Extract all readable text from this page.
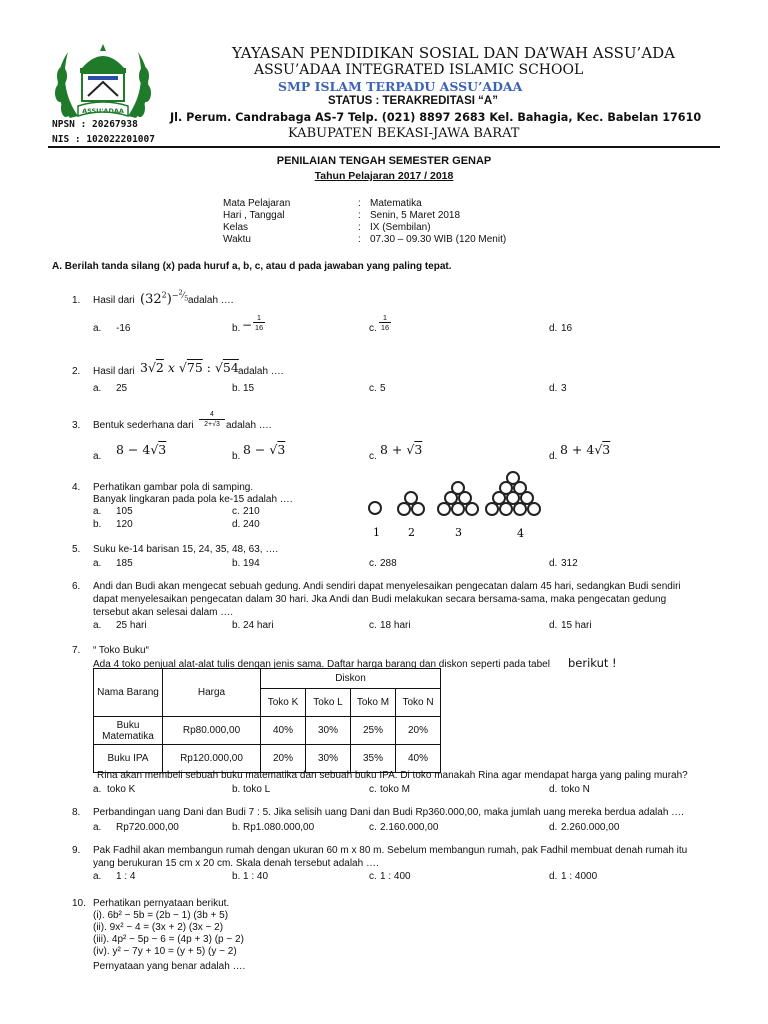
ASSU'ADAA
YAYASAN PENDIDIKAN SOSIAL DAN DA’WAH ASSU’ADA
ASSU’ADAA INTEGRATED ISLAMIC SCHOOL
SMP ISLAM TERPADU ASSU’ADAA
STATUS : TERAKREDITASI “A”
NPSN : 20267938
NIS : 102022201007
Jl. Perum. Candrabaga AS-7 Telp. (021) 8897 2683 Kel. Bahagia, Kec. Babelan 17610
KABUPATEN BEKASI-JAWA BARAT
PENILAIAN TENGAH SEMESTER GENAP
Tahun Pelajaran 2017 / 2018
Mata Pelajaran	: Matematika
Hari , Tanggal	: Senin, 5 Maret 2018
Kelas	: IX (Sembilan)
Waktu	: 07.30 – 09.30 WIB (120 Menit)
A. Berilah tanda silang (x) pada huruf a, b, c, atau d pada jawaban yang paling tepat.
1. Hasil dari $(32^2)^{-^2⁄_5}$ adalah ….
a. -16	b. −
1
16	c.
1
16	d. 16
2. Hasil dari 3√2 x √75 : √54 adalah ….
a. 25	b. 15	c. 5	d. 3
3. Bentuk sederhana dari
4
2+√3 adalah ….
a. 8 − 4√3	b. 8 − √3	c. 8 + √3	d. 8 + 4√3
4. Perhatikan gambar pola di samping.
Banyak lingkaran pada pola ke-15 adalah ….
a. 105	c. 210
b. 120	d. 240
1	2	3	4
5. Suku ke-14 barisan 15, 24, 35, 48, 63, ….
a. 185	b. 194	c. 288	d. 312
6. Andi dan Budi akan mengecat sebuah gedung. Andi sendiri dapat menyelesaikan pengecatan dalam 45 hari, sedangkan Budi sendiri
dapat menyelesaikan pengecatan dalam 30 hari. Jka Andi dan Budi melakukan secara bersama-sama, maka pengecatan gedung
tersebut akan selesai dalam ….
a. 25 hari	b. 24 hari	c. 18 hari	d. 15 hari
7. “ Toko Buku“
Ada 4 toko penjual alat-alat tulis dengan jenis sama. Daftar harga barang dan diskon seperti pada tabel berikut !
Nama Barang	Harga	Diskon			
		Toko K	Toko L	Toko M	Toko N
Buku Matematika	Rp80.000,00	40%	30%	25%	20%
Buku IPA	Rp120.000,00	20%	30%	35%	40%
Rina akan membeli sebuah buku matematika dan sebuah buku IPA. Di toko manakah Rina agar mendapat harga yang paling murah?
a. toko K	b. toko L	c. toko M	d. toko N
8. Perbandingan uang Dani dan Budi 7 : 5. Jika selisih uang Dani dan Budi Rp360.000,00, maka jumlah uang mereka berdua adalah ….
a. Rp720.000,00	b. Rp1.080.000,00	c. 2.160.000,00	d. 2.260.000,00
9. Pak Fadhil akan membangun rumah dengan ukuran 60 m x 80 m. Sebelum membangun rumah, pak Fadhil membuat denah rumah itu
yang berukuran 15 cm x 20 cm. Skala denah tersebut adalah ….
a. 1 : 4	b. 1 : 40	c. 1 : 400	d. 1 : 4000
10. Perhatikan pernyataan berikut.
(i). 6b² − 5b = (2b − 1) (3b + 5)
(ii). 9x² − 4 = (3x + 2) (3x − 2)
(iii). 4p² − 5p − 6 = (4p + 3) (p − 2)
(iv). y² − 7y + 10 = (y + 5) (y − 2)
Pernyataan yang benar adalah ….
